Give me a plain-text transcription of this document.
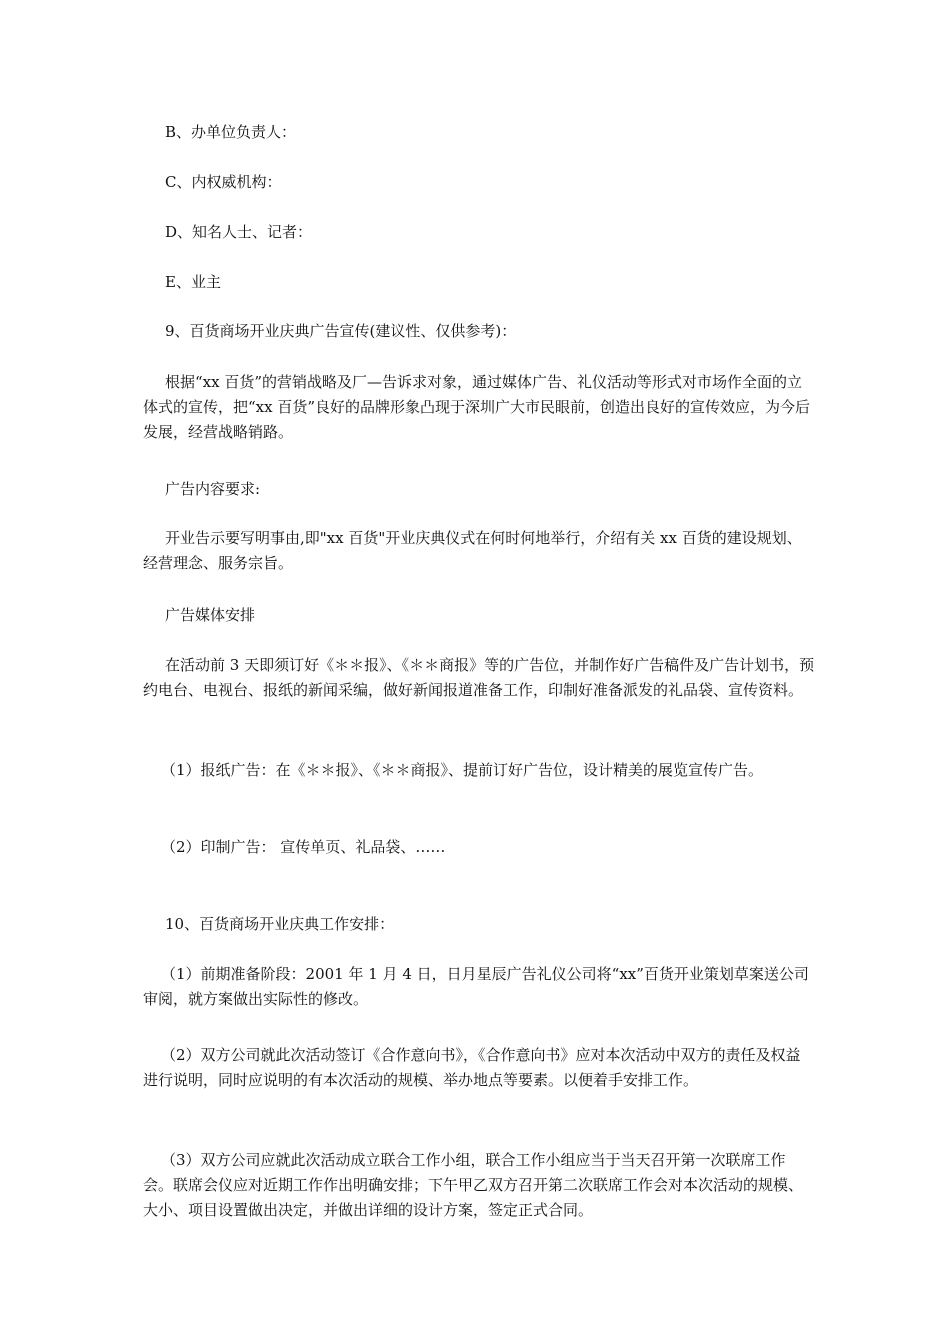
B、办单位负责人：

C、内权威机构：

D、知名人士、记者：

E、业主

9、百货商场开业庆典广告宣传(建议性、仅供参考)：

根据“xx 百货”的营销战略及厂—告诉求对象，通过媒体广告、礼仪活动等形式对市场作全面的立体式的宣传，把“xx 百货”良好的品牌形象凸现于深圳广大市民眼前，创造出良好的宣传效应，为今后发展，经营战略销路。

广告内容要求:

开业告示要写明事由,即"xx 百货"开业庆典仪式在何时何地举行，介绍有关 xx 百货的建设规划、经营理念、服务宗旨。

广告媒体安排

在活动前 3 天即须订好《＊＊报》、《＊＊商报》等的广告位，并制作好广告稿件及广告计划书，预约电台、电视台、报纸的新闻采编，做好新闻报道准备工作，印制好准备派发的礼品袋、宣传资料。

（1）报纸广告：在《＊＊报》、《＊＊商报》、提前订好广告位，设计精美的展览宣传广告。

（2）印制广告： 宣传单页、礼品袋、……

10、百货商场开业庆典工作安排：

（1）前期准备阶段：2001 年 1 月 4 日，日月星辰广告礼仪公司将“xx”百货开业策划草案送公司审阅，就方案做出实际性的修改。

（2）双方公司就此次活动签订《合作意向书》，《合作意向书》应对本次活动中双方的责任及权益进行说明，同时应说明的有本次活动的规模、举办地点等要素。以便着手安排工作。

（3）双方公司应就此次活动成立联合工作小组，联合工作小组应当于当天召开第一次联席工作会。联席会仪应对近期工作作出明确安排；下午甲乙双方召开第二次联席工作会对本次活动的规模、大小、项目设置做出决定，并做出详细的设计方案，签定正式合同。
